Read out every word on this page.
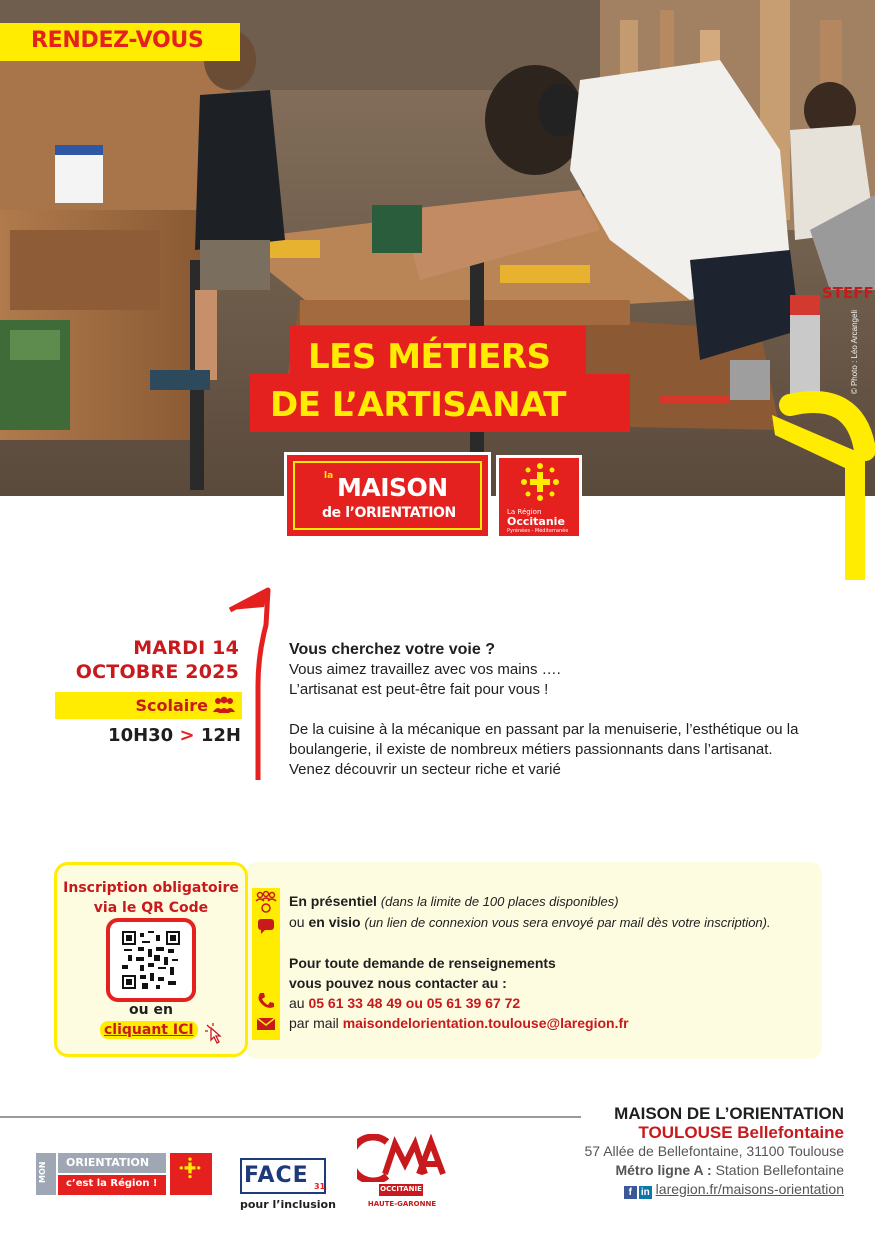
STEFF
© Photo : Léo Arcangeli
RENDEZ-VOUS
LES MÉTIERS
DE L’ARTISANAT
la MAISON
de l’ORIENTATION	La Région
Occitanie
Pyrénées - Méditerranée
MARDI 14
OCTOBRE 2025
Scolaire
10H30 > 12H
Vous cherchez votre voie ?
Vous aimez travaillez avec vos mains ….
L’artisanat est peut-être fait pour vous !
De la cuisine à la mécanique en passant par la menuiserie, l’esthétique ou la boulangerie, il existe de nombreux métiers passionnants dans l’artisanat.
Venez découvrir un secteur riche et varié
Inscription obligatoire
via le QR Code
ou en
cliquant ICI
En présentiel (dans la limite de 100 places disponibles)
ou en visio (un lien de connexion vous sera envoyé par mail dès votre inscription).
Pour toute demande de renseignements
vous pouvez nous contacter au :
au 05 61 33 48 49 ou 05 61 39 67 72
par mail maisondelorientation.toulouse@laregion.fr
MON ORIENTATION
c’est la Région !	FACE 31
pour l’inclusion
OCCITANIE
HAUTE-GARONNE
MAISON DE L’ORIENTATION
TOULOUSE Bellefontaine
57 Allée de Bellefontaine, 31100 Toulouse
Métro ligne A : Station Bellefontaine
f in laregion.fr/maisons-orientation
